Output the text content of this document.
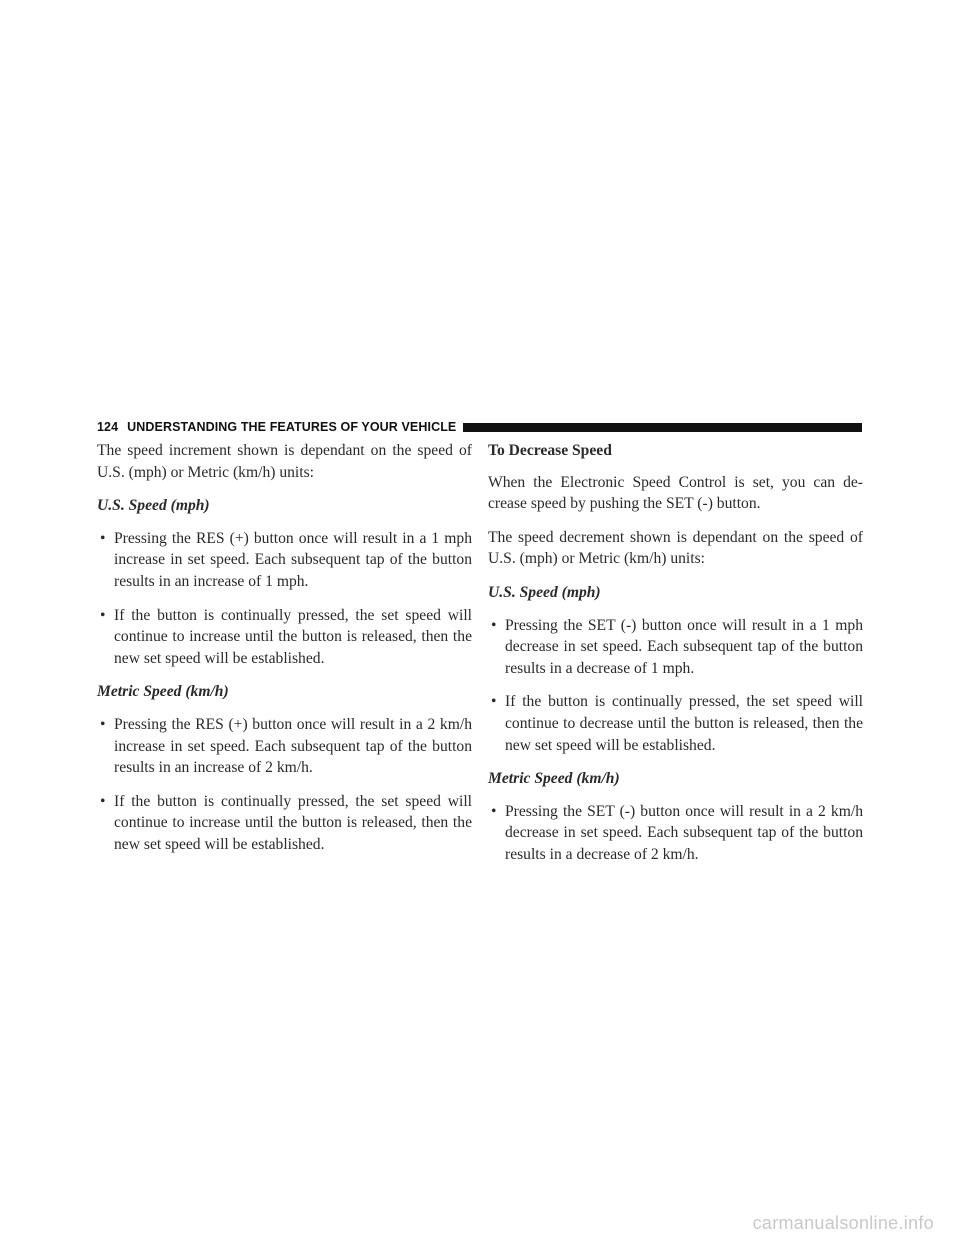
124 UNDERSTANDING THE FEATURES OF YOUR VEHICLE

The speed increment shown is dependant on the speed of U.S. (mph) or Metric (km/h) units:

U.S. Speed (mph)

• Pressing the RES (+) button once will result in a 1 mph increase in set speed. Each subsequent tap of the button results in an increase of 1 mph.
• If the button is continually pressed, the set speed will continue to increase until the button is released, then the new set speed will be established.

Metric Speed (km/h)

• Pressing the RES (+) button once will result in a 2 km/h increase in set speed. Each subsequent tap of the button results in an increase of 2 km/h.
• If the button is continually pressed, the set speed will continue to increase until the button is released, then the new set speed will be established.

To Decrease Speed

When the Electronic Speed Control is set, you can de-crease speed by pushing the SET (-) button.

The speed decrement shown is dependant on the speed of U.S. (mph) or Metric (km/h) units:

U.S. Speed (mph)

• Pressing the SET (-) button once will result in a 1 mph decrease in set speed. Each subsequent tap of the button results in a decrease of 1 mph.
• If the button is continually pressed, the set speed will continue to decrease until the button is released, then the new set speed will be established.

Metric Speed (km/h)

• Pressing the SET (-) button once will result in a 2 km/h decrease in set speed. Each subsequent tap of the button results in a decrease of 2 km/h.
carmanualsonline.info
